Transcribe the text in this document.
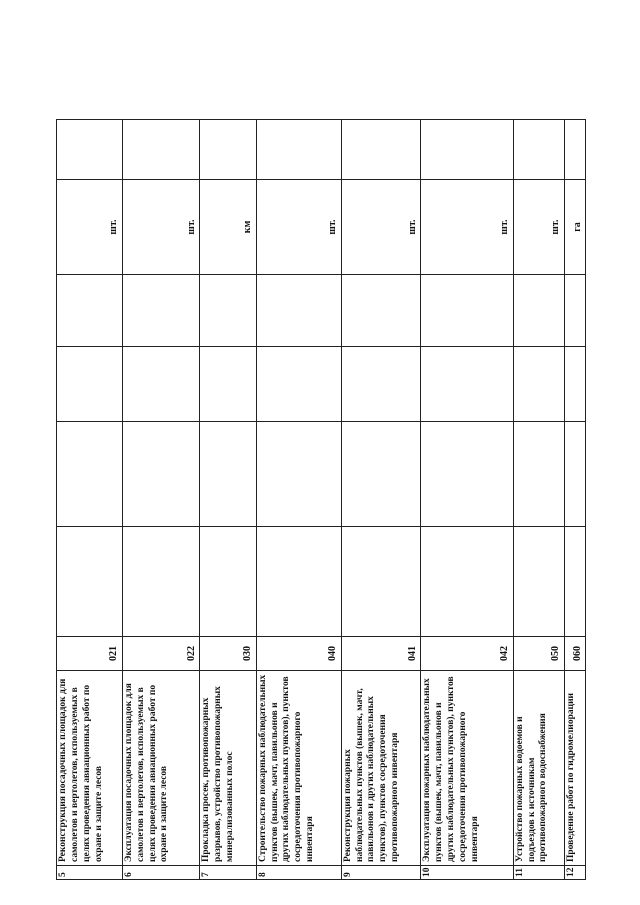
5	Реконструкция посадочных площадок для самолетов и вертолетов, используемых в целях проведения авиационных работ по охране и защите лесов	021					шт.	
6	Эксплуатация посадочных площадок для самолетов и вертолетов, используемых в целях проведения авиационных работ по охране и защите лесов	022					шт.	
7	Прокладка просек, противопожарных разрывов, устройство противопожарных минерализованных полос	030					км	
8	Строительство пожарных наблюдательных пунктов (вышек, мачт, павильонов и других наблюдательных пунктов), пунктов сосредоточения противопожарного инвентаря	040					шт.	
9	Реконструкция пожарных наблюдательных пунктов (вышек, мачт, павильонов и других наблюдательных пунктов), пунктов сосредоточения противопожарного инвентаря	041					шт.	
10	Эксплуатация пожарных наблюдательных пунктов (вышек, мачт, павильонов и других наблюдательных пунктов), пунктов сосредоточения противопожарного инвентаря	042					шт.	
11	Устройство пожарных водоемов и подъездов к источникам противопожарного водоснабжения	050					шт.	
12	Проведение работ по гидромелиорации	060					га	
